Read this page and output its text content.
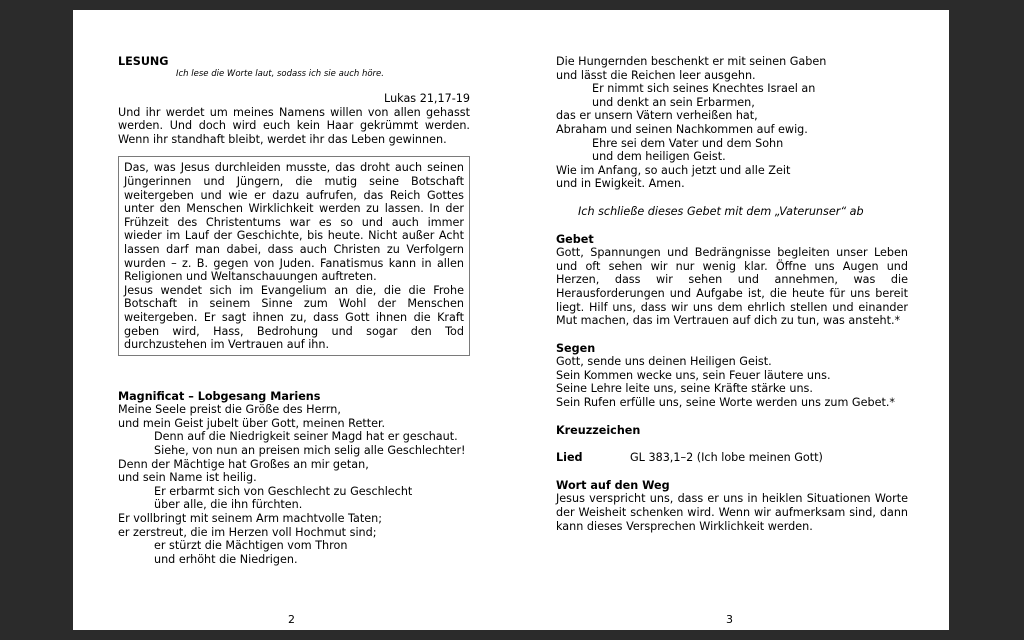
LESUNG
Ich lese die Worte laut, sodass ich sie auch höre.
Lukas 21,17-19
Und ihr werdet um meines Namens willen von allen gehasst werden. Und doch wird euch kein Haar gekrümmt werden. Wenn ihr standhaft bleibt, werdet ihr das Leben gewinnen.
Das, was Jesus durchleiden musste, das droht auch seinen Jüngerinnen und Jüngern, die mutig seine Botschaft weitergeben und wie er dazu aufrufen, das Reich Gottes unter den Menschen Wirklichkeit werden zu lassen. In der Frühzeit des Christentums war es so und auch immer wieder im Lauf der Geschichte, bis heute. Nicht außer Acht lassen darf man dabei, dass auch Christen zu Verfolgern wurden – z. B. gegen von Juden. Fanatismus kann in allen Religionen und Weltanschauungen auftreten.
Jesus wendet sich im Evangelium an die, die die Frohe Botschaft in seinem Sinne zum Wohl der Menschen weitergeben. Er sagt ihnen zu, dass Gott ihnen die Kraft geben wird, Hass, Bedrohung und sogar den Tod durchzustehen im Vertrauen auf ihn.
Magnificat – Lobgesang Mariens
Meine Seele preist die Größe des Herrn,
und mein Geist jubelt über Gott, meinen Retter.
Denn auf die Niedrigkeit seiner Magd hat er geschaut.
Siehe, von nun an preisen mich selig alle Geschlechter!
Denn der Mächtige hat Großes an mir getan,
und sein Name ist heilig.
Er erbarmt sich von Geschlecht zu Geschlecht
über alle, die ihn fürchten.
Er vollbringt mit seinem Arm machtvolle Taten;
er zerstreut, die im Herzen voll Hochmut sind;
er stürzt die Mächtigen vom Thron
und erhöht die Niedrigen.
Die Hungernden beschenkt er mit seinen Gaben
und lässt die Reichen leer ausgehn.
Er nimmt sich seines Knechtes Israel an
und denkt an sein Erbarmen,
das er unsern Vätern verheißen hat,
Abraham und seinen Nachkommen auf ewig.
Ehre sei dem Vater und dem Sohn
und dem heiligen Geist.
Wie im Anfang, so auch jetzt und alle Zeit
und in Ewigkeit. Amen.
Ich schließe dieses Gebet mit dem „Vaterunser“ ab
Gebet
Gott, Spannungen und Bedrängnisse begleiten unser Leben und oft sehen wir nur wenig klar. Öffne uns Augen und Herzen, dass wir sehen und annehmen, was die Herausforderungen und Aufgabe ist, die heute für uns bereit liegt. Hilf uns, dass wir uns dem ehrlich stellen und einander Mut machen, das im Vertrauen auf dich zu tun, was ansteht.*
Segen
Gott, sende uns deinen Heiligen Geist.
Sein Kommen wecke uns, sein Feuer läutere uns.
Seine Lehre leite uns, seine Kräfte stärke uns.
Sein Rufen erfülle uns, seine Worte werden uns zum Gebet.*
Kreuzzeichen
Lied	GL 383,1–2 (Ich lobe meinen Gott)
Wort auf den Weg
Jesus verspricht uns, dass er uns in heiklen Situationen Worte der Weisheit schenken wird. Wenn wir aufmerksam sind, dann kann dieses Versprechen Wirklichkeit werden.
2	3
